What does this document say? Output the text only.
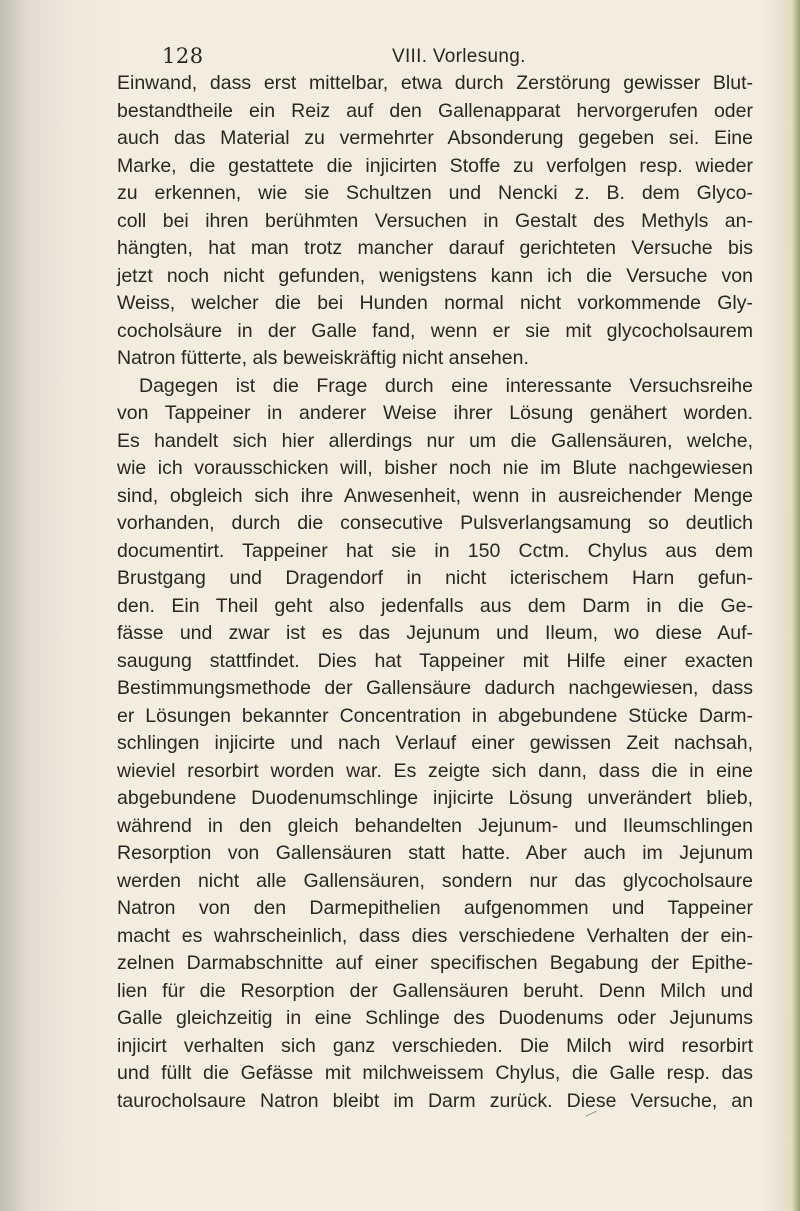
128	VIII. Vorlesung.
Einwand, dass erst mittelbar, etwa durch Zerstörung gewisser Blut-
bestandtheile ein Reiz auf den Gallenapparat hervorgerufen oder
auch das Material zu vermehrter Absonderung gegeben sei. Eine
Marke, die gestattete die injicirten Stoffe zu verfolgen resp. wieder
zu erkennen, wie sie Schultzen und Nencki z. B. dem Glyco-
coll bei ihren berühmten Versuchen in Gestalt des Methyls an-
hängten, hat man trotz mancher darauf gerichteten Versuche bis
jetzt noch nicht gefunden, wenigstens kann ich die Versuche von
Weiss, welcher die bei Hunden normal nicht vorkommende Gly-
cocholsäure in der Galle fand, wenn er sie mit glycocholsaurem
Natron fütterte, als beweiskräftig nicht ansehen.
Dagegen ist die Frage durch eine interessante Versuchsreihe
von Tappeiner in anderer Weise ihrer Lösung genähert worden.
Es handelt sich hier allerdings nur um die Gallensäuren, welche,
wie ich vorausschicken will, bisher noch nie im Blute nachgewiesen
sind, obgleich sich ihre Anwesenheit, wenn in ausreichender Menge
vorhanden, durch die consecutive Pulsverlangsamung so deutlich
documentirt. Tappeiner hat sie in 150 Cctm. Chylus aus dem
Brustgang und Dragendorf in nicht icterischem Harn gefun-
den. Ein Theil geht also jedenfalls aus dem Darm in die Ge-
fässe und zwar ist es das Jejunum und Ileum, wo diese Auf-
saugung stattfindet. Dies hat Tappeiner mit Hilfe einer exacten
Bestimmungsmethode der Gallensäure dadurch nachgewiesen, dass
er Lösungen bekannter Concentration in abgebundene Stücke Darm-
schlingen injicirte und nach Verlauf einer gewissen Zeit nachsah,
wieviel resorbirt worden war. Es zeigte sich dann, dass die in eine
abgebundene Duodenumschlinge injicirte Lösung unverändert blieb,
während in den gleich behandelten Jejunum- und Ileumschlingen
Resorption von Gallensäuren statt hatte. Aber auch im Jejunum
werden nicht alle Gallensäuren, sondern nur das glycocholsaure
Natron von den Darmepithelien aufgenommen und Tappeiner
macht es wahrscheinlich, dass dies verschiedene Verhalten der ein-
zelnen Darmabschnitte auf einer specifischen Begabung der Epithe-
lien für die Resorption der Gallensäuren beruht. Denn Milch und
Galle gleichzeitig in eine Schlinge des Duodenums oder Jejunums
injicirt verhalten sich ganz verschieden. Die Milch wird resorbirt
und füllt die Gefässe mit milchweissem Chylus, die Galle resp. das
taurocholsaure Natron bleibt im Darm zurück. Diese Versuche, an
